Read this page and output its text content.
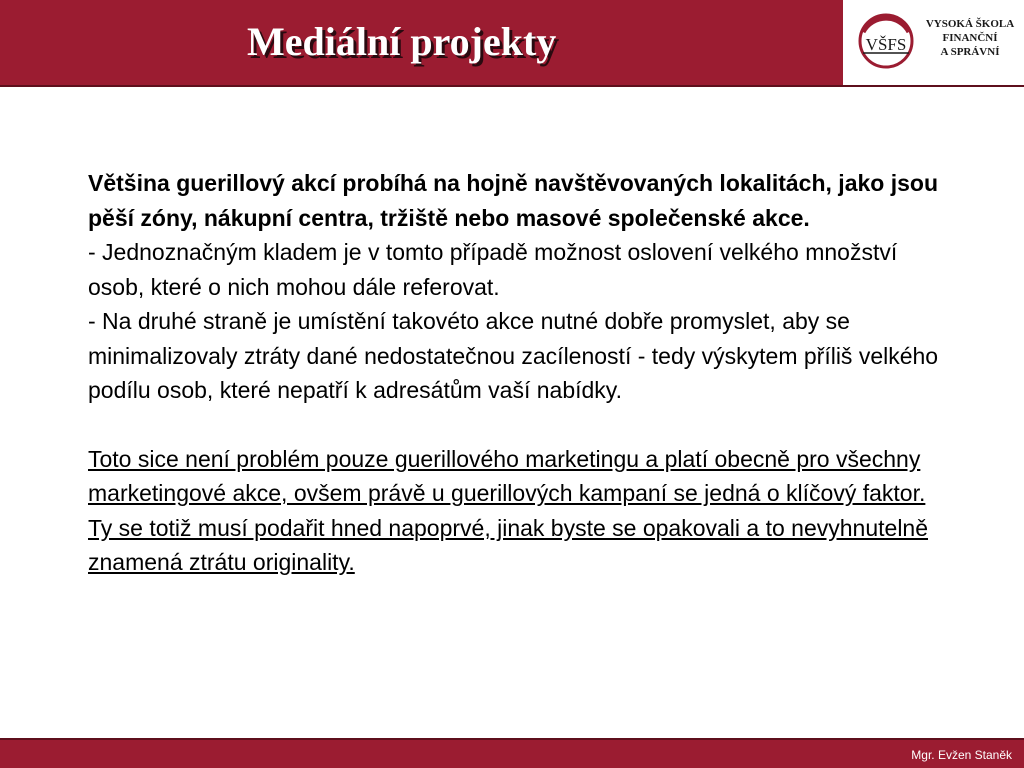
Mediální projekty	VŠFS
VYSOKÁ ŠKOLA
FINANČNÍ
A SPRÁVNÍ

Většina guerillový akcí probíhá na hojně navštěvovaných lokalitách, jako jsou pěší zóny, nákupní centra, tržiště nebo masové společenské akce.

- Jednoznačným kladem je v tomto případě možnost oslovení velkého množství osob, které o nich mohou dále referovat.

- Na druhé straně je umístění takovéto akce nutné dobře promyslet, aby se minimalizovaly ztráty dané nedostatečnou zacíleností - tedy výskytem příliš velkého podílu osob, které nepatří k adresátům vaší nabídky.

Toto sice není problém pouze guerillového marketingu a platí obecně pro všechny marketingové akce, ovšem právě u guerillových kampaní se jedná o klíčový faktor. Ty se totiž musí podařit hned napoprvé, jinak byste se opakovali a to nevyhnutelně znamená ztrátu originality.

Mgr. Evžen Staněk
